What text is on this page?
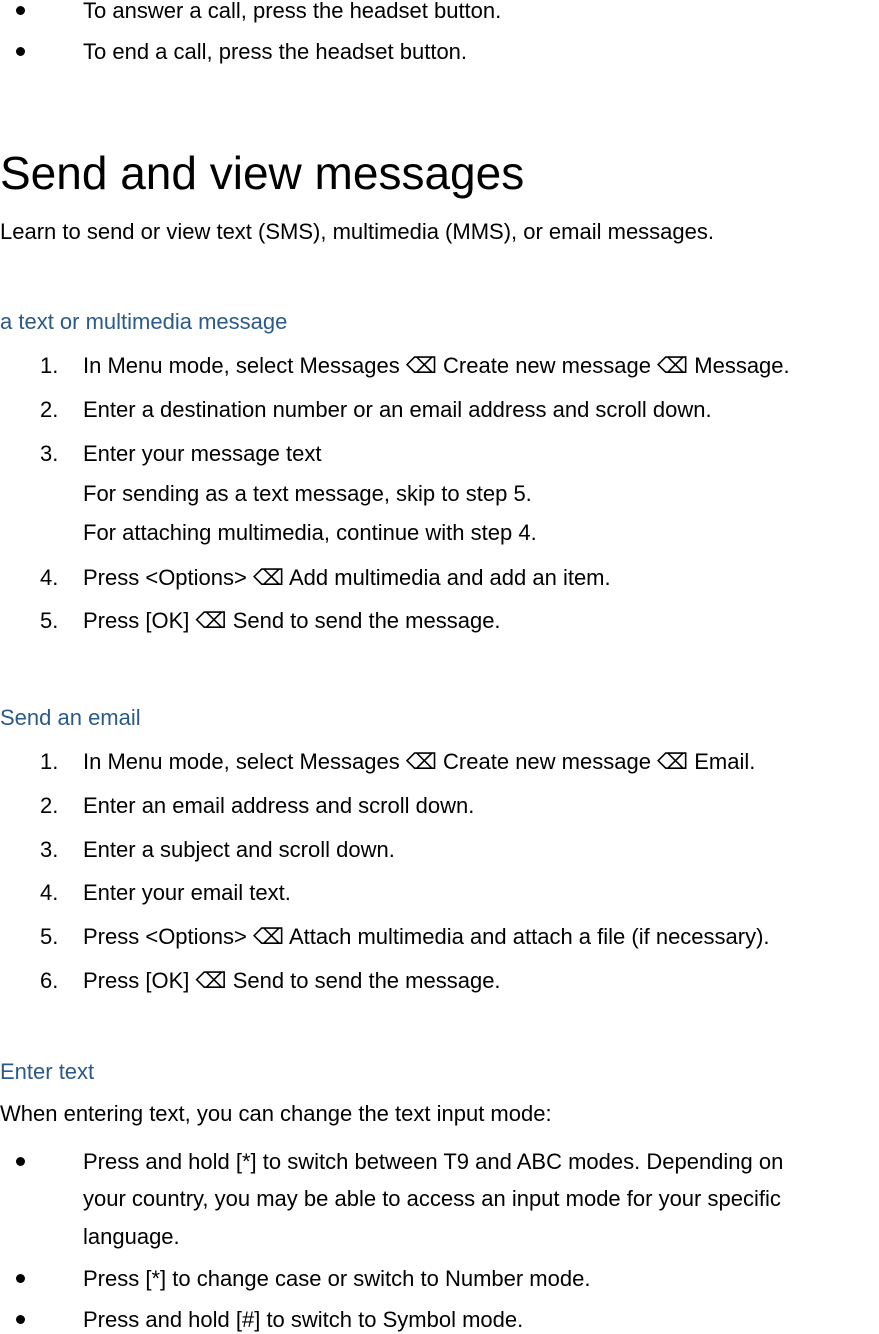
To answer a call, press the headset button.
To end a call, press the headset button.
Send and view messages
Learn to send or view text (SMS), multimedia (MMS), or email messages.
a text or multimedia message
1. In Menu mode, select Messages ⌫ Create new message ⌫ Message.
2. Enter a destination number or an email address and scroll down.
3. Enter your message text
For sending as a text message, skip to step 5.
For attaching multimedia, continue with step 4.
4. Press <Options> ⌫ Add multimedia and add an item.
5. Press [OK] ⌫ Send to send the message.
Send an email
1. In Menu mode, select Messages ⌫ Create new message ⌫ Email.
2. Enter an email address and scroll down.
3. Enter a subject and scroll down.
4. Enter your email text.
5. Press <Options> ⌫ Attach multimedia and attach a file (if necessary).
6. Press [OK] ⌫ Send to send the message.
Enter text
When entering text, you can change the text input mode:
Press and hold [*] to switch between T9 and ABC modes. Depending on
your country, you may be able to access an input mode for your specific
language.
Press [*] to change case or switch to Number mode.
Press and hold [#] to switch to Symbol mode.
